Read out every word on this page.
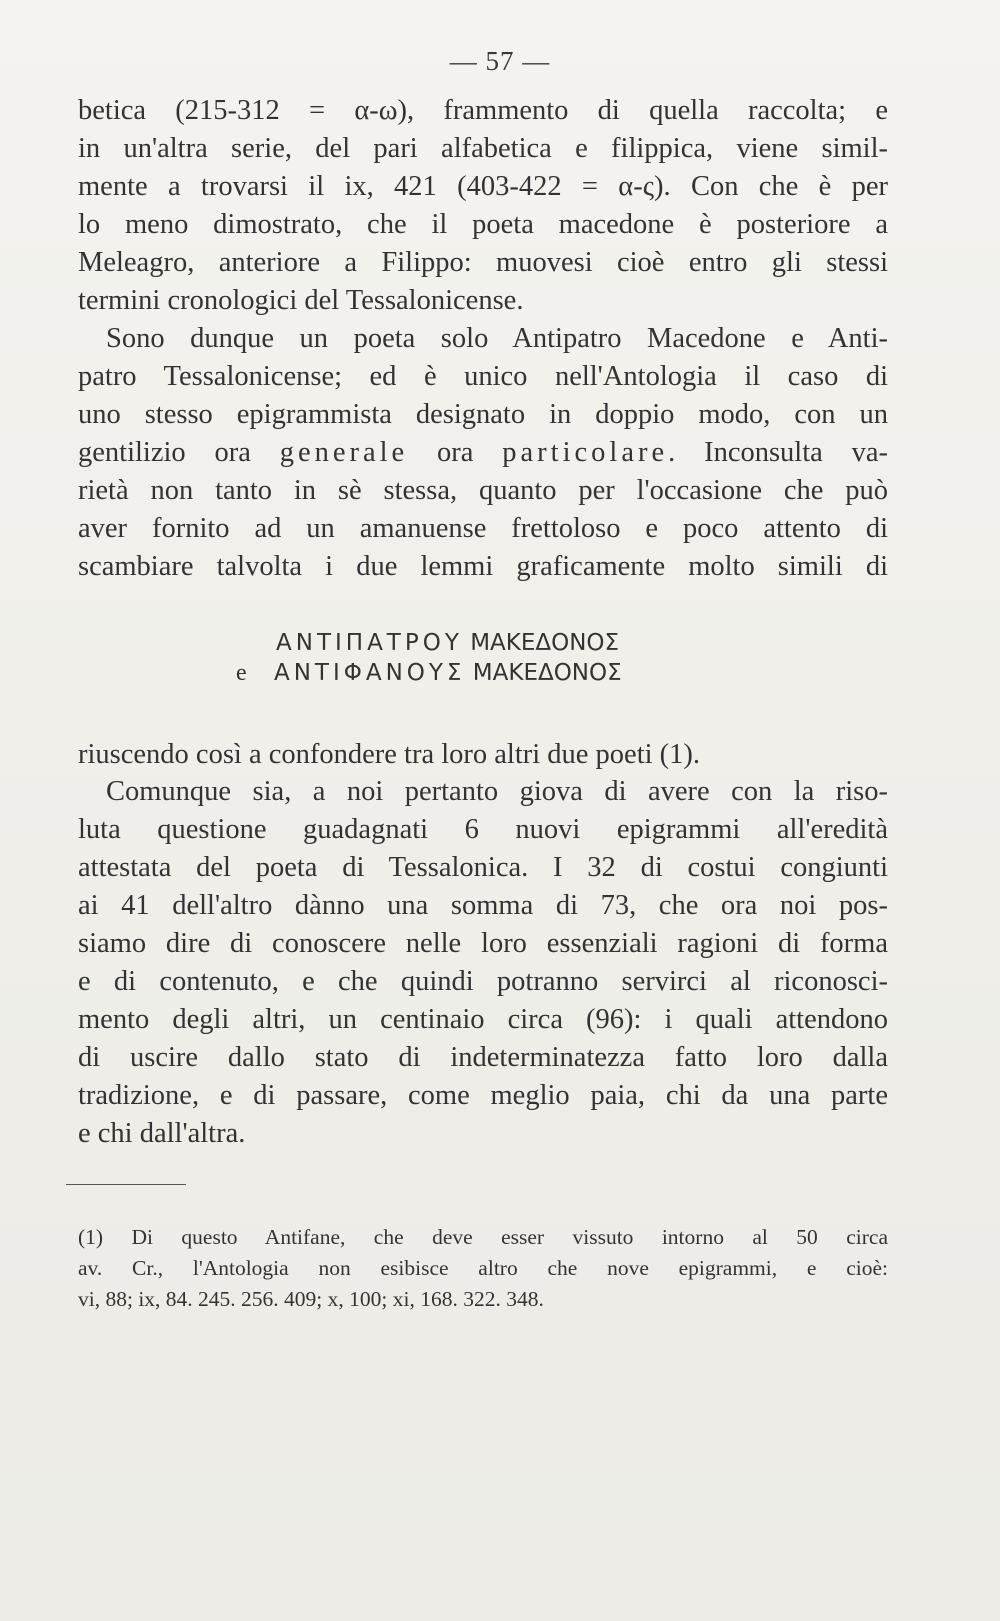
— 57 —
betica (215-312 = α-ω), frammento di quella raccolta; e
in un'altra serie, del pari alfabetica e filippica, viene simil-
mente a trovarsi il ix, 421 (403-422 = α-ς). Con che è per
lo meno dimostrato, che il poeta macedone è posteriore a
Meleagro, anteriore a Filippo: muovesi cioè entro gli stessi
termini cronologici del Tessalonicense.
Sono dunque un poeta solo Antipatro Macedone e Anti-
patro Tessalonicense; ed è unico nell'Antologia il caso di
uno stesso epigrammista designato in doppio modo, con un
gentilizio ora generale ora particolare. Inconsulta va-
rietà non tanto in sè stessa, quanto per l'occasione che può
aver fornito ad un amanuense frettoloso e poco attento di
scambiare talvolta i due lemmi graficamente molto simili di
ΑΝΤΙΠΑΤΡΟΥ ΜΑΚΕΔΟΝΟΣ
e ΑΝΤΙΦΑΝΟΥΣ ΜΑΚΕΔΟΝΟΣ
riuscendo così a confondere tra loro altri due poeti (1).
Comunque sia, a noi pertanto giova di avere con la riso-
luta questione guadagnati 6 nuovi epigrammi all'eredità
attestata del poeta di Tessalonica. I 32 di costui congiunti
ai 41 dell'altro dànno una somma di 73, che ora noi pos-
siamo dire di conoscere nelle loro essenziali ragioni di forma
e di contenuto, e che quindi potranno servirci al riconosci-
mento degli altri, un centinaio circa (96): i quali attendono
di uscire dallo stato di indeterminatezza fatto loro dalla
tradizione, e di passare, come meglio paia, chi da una parte
e chi dall'altra.
(1) Di questo Antifane, che deve esser vissuto intorno al 50 circa
av. Cr., l'Antologia non esibisce altro che nove epigrammi, e cioè:
vi, 88; ix, 84. 245. 256. 409; x, 100; xi, 168. 322. 348.
